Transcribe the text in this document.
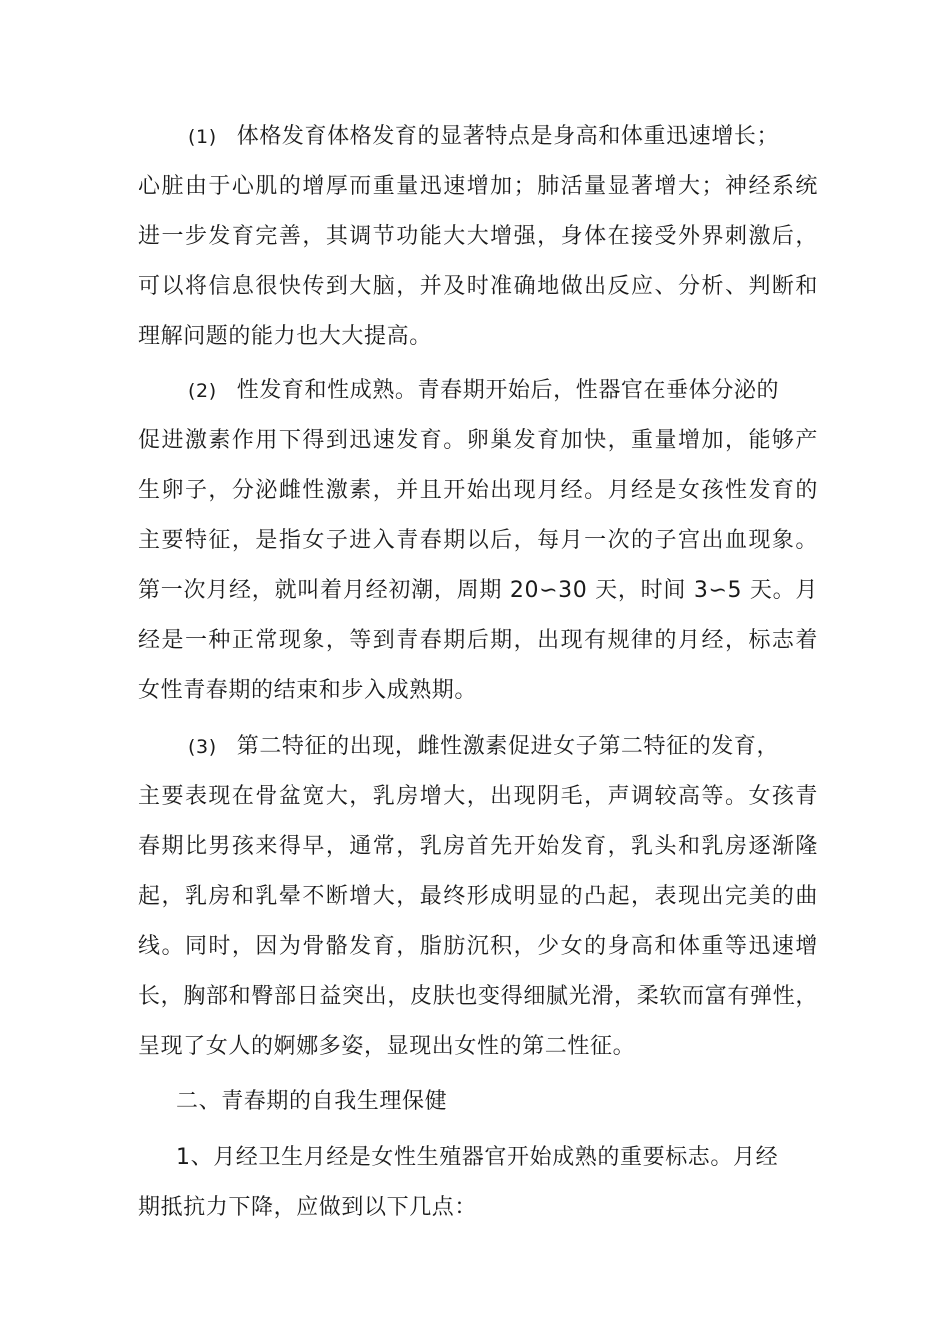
(1) 体格发育体格发育的显著特点是身高和体重迅速增长；
心脏由于心肌的增厚而重量迅速增加；肺活量显著增大；神经系统
进一步发育完善，其调节功能大大增强，身体在接受外界刺激后，
可以将信息很快传到大脑，并及时准确地做出反应、分析、判断和
理解问题的能力也大大提高。
(2) 性发育和性成熟。青春期开始后，性器官在垂体分泌的
促进激素作用下得到迅速发育。卵巢发育加快，重量增加，能够产
生卵子，分泌雌性激素，并且开始出现月经。月经是女孩性发育的
主要特征，是指女子进入青春期以后，每月一次的子宫出血现象。
第一次月经，就叫着月经初潮，周期 20∽30 天，时间 3∽5 天。月
经是一种正常现象，等到青春期后期，出现有规律的月经，标志着
女性青春期的结束和步入成熟期。
(3) 第二特征的出现，雌性激素促进女子第二特征的发育，
主要表现在骨盆宽大，乳房增大，出现阴毛，声调较高等。女孩青
春期比男孩来得早，通常，乳房首先开始发育，乳头和乳房逐渐隆
起，乳房和乳晕不断增大，最终形成明显的凸起，表现出完美的曲
线。同时，因为骨骼发育，脂肪沉积，少女的身高和体重等迅速增
长，胸部和臀部日益突出，皮肤也变得细腻光滑，柔软而富有弹性，
呈现了女人的婀娜多姿，显现出女性的第二性征。
二、青春期的自我生理保健
1、月经卫生月经是女性生殖器官开始成熟的重要标志。月经
期抵抗力下降，应做到以下几点：
